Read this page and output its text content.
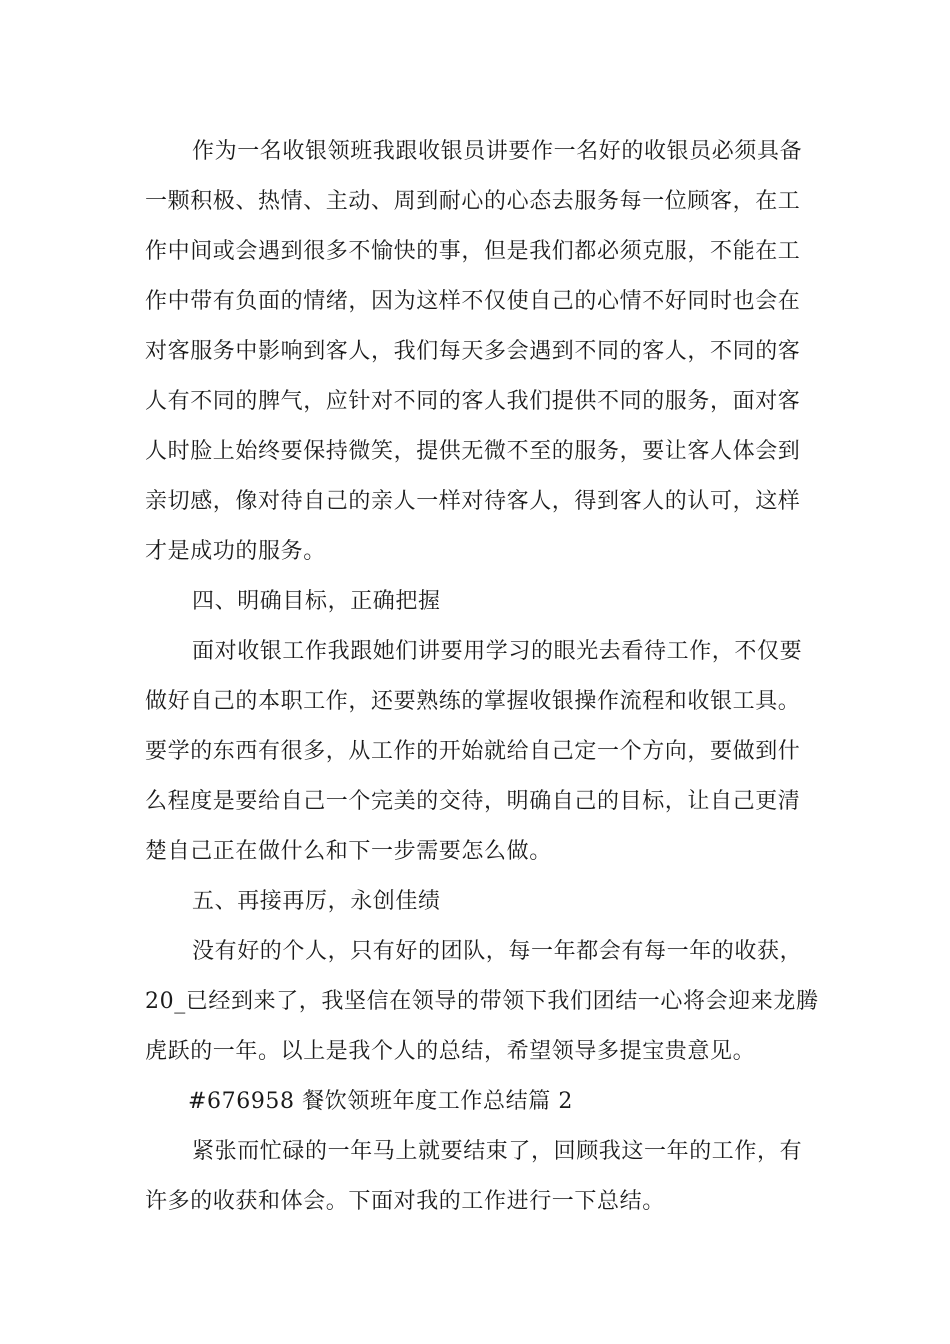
作为一名收银领班我跟收银员讲要作一名好的收银员必须具备
一颗积极、热情、主动、周到耐心的心态去服务每一位顾客，在工
作中间或会遇到很多不愉快的事，但是我们都必须克服，不能在工
作中带有负面的情绪，因为这样不仅使自己的心情不好同时也会在
对客服务中影响到客人，我们每天多会遇到不同的客人，不同的客
人有不同的脾气，应针对不同的客人我们提供不同的服务，面对客
人时脸上始终要保持微笑，提供无微不至的服务，要让客人体会到
亲切感，像对待自己的亲人一样对待客人，得到客人的认可，这样
才是成功的服务。
四、明确目标，正确把握
面对收银工作我跟她们讲要用学习的眼光去看待工作，不仅要
做好自己的本职工作，还要熟练的掌握收银操作流程和收银工具。
要学的东西有很多，从工作的开始就给自己定一个方向，要做到什
么程度是要给自己一个完美的交待，明确自己的目标，让自己更清
楚自己正在做什么和下一步需要怎么做。
五、再接再厉，永创佳绩
没有好的个人，只有好的团队，每一年都会有每一年的收获，
20_已经到来了，我坚信在领导的带领下我们团结一心将会迎来龙腾
虎跃的一年。以上是我个人的总结，希望领导多提宝贵意见。
#676958 餐饮领班年度工作总结篇 2
紧张而忙碌的一年马上就要结束了，回顾我这一年的工作，有
许多的收获和体会。下面对我的工作进行一下总结。
